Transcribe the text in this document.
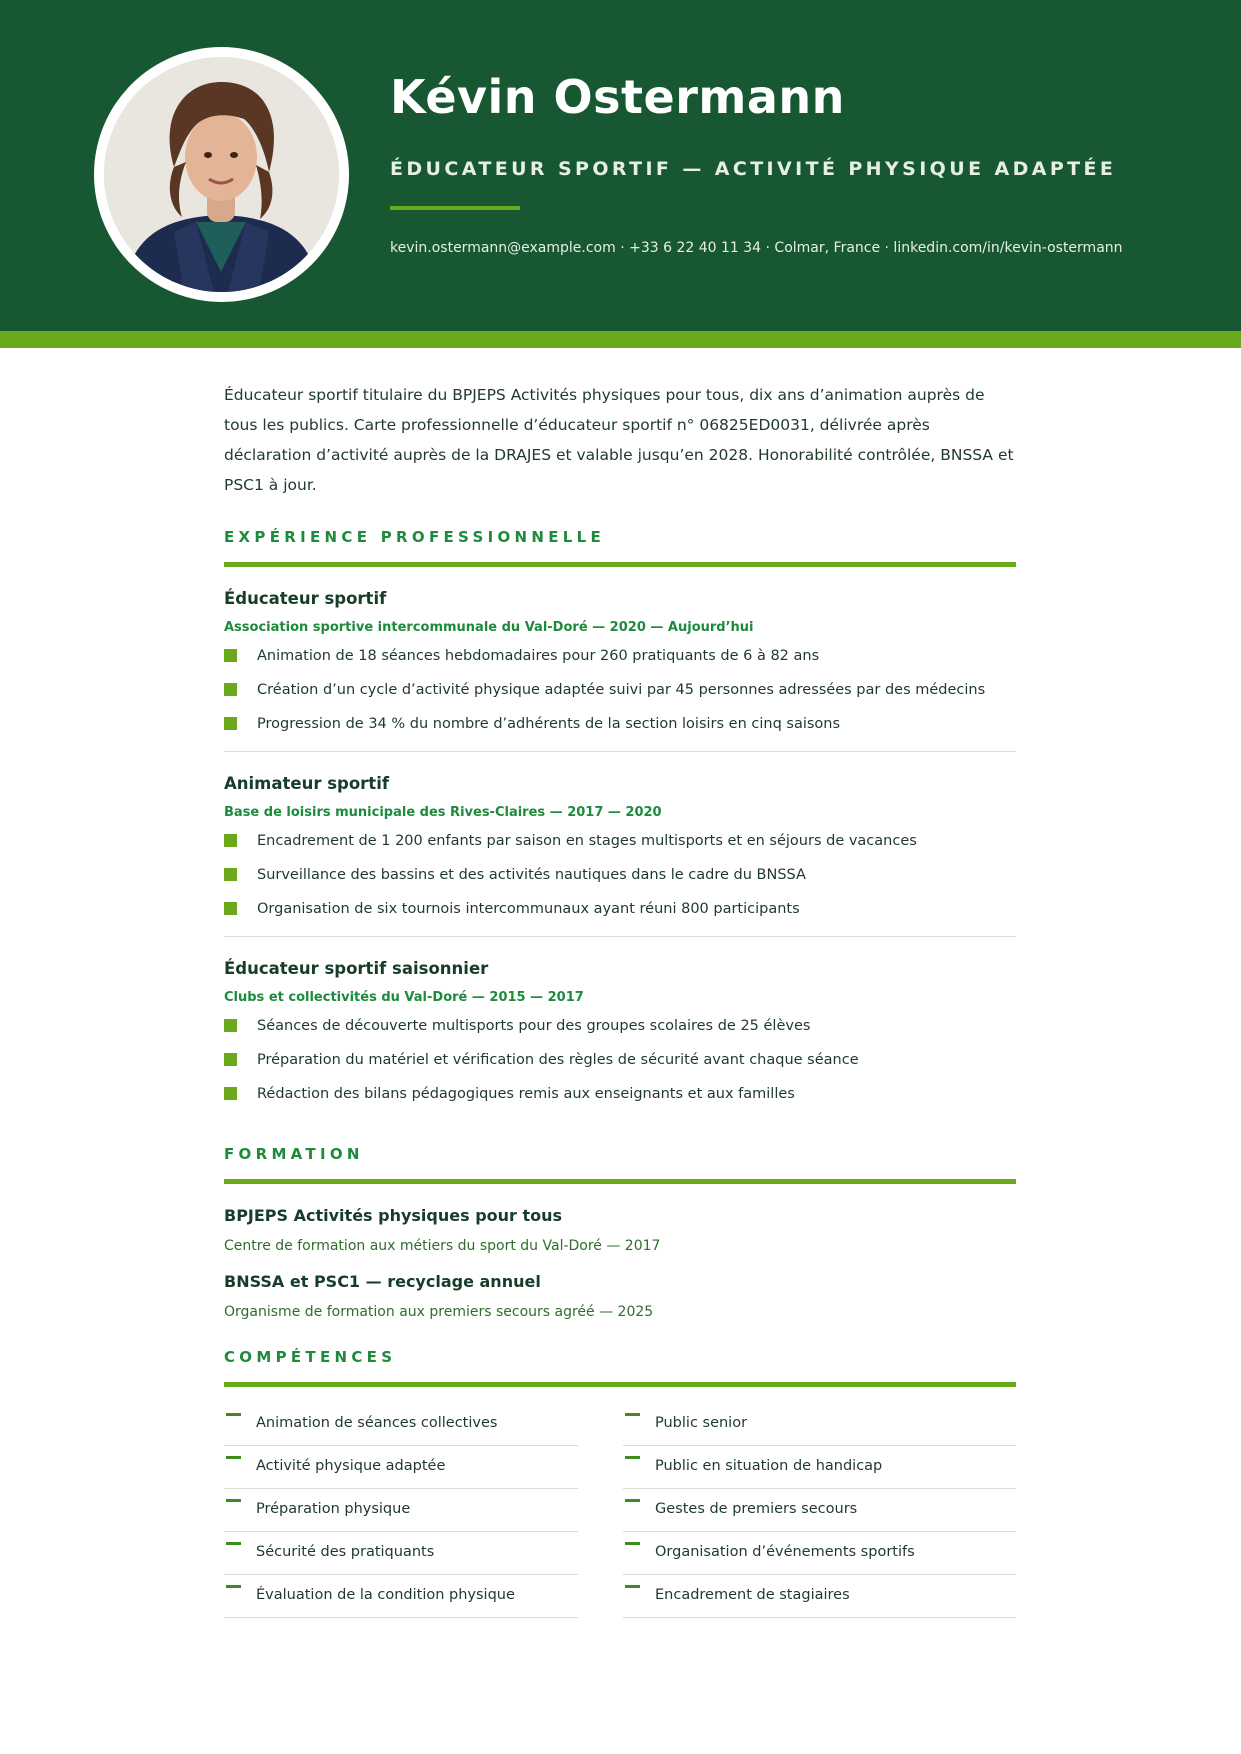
Kévin Ostermann
ÉDUCATEUR SPORTIF — ACTIVITÉ PHYSIQUE ADAPTÉE
kevin.ostermann@example.com · +33 6 22 40 11 34 · Colmar, France · linkedin.com/in/kevin-ostermann

Éducateur sportif titulaire du BPJEPS Activités physiques pour tous, dix ans d’animation auprès de tous les publics. Carte professionnelle d’éducateur sportif n° 06825ED0031, délivrée après déclaration d’activité auprès de la DRAJES et valable jusqu’en 2028. Honorabilité contrôlée, BNSSA et PSC1 à jour.

EXPÉRIENCE PROFESSIONNELLE
Éducateur sportif
Association sportive intercommunale du Val-Doré — 2020 — Aujourd’hui
Animation de 18 séances hebdomadaires pour 260 pratiquants de 6 à 82 ans
Création d’un cycle d’activité physique adaptée suivi par 45 personnes adressées par des médecins
Progression de 34 % du nombre d’adhérents de la section loisirs en cinq saisons
Animateur sportif
Base de loisirs municipale des Rives-Claires — 2017 — 2020
Encadrement de 1 200 enfants par saison en stages multisports et en séjours de vacances
Surveillance des bassins et des activités nautiques dans le cadre du BNSSA
Organisation de six tournois intercommunaux ayant réuni 800 participants
Éducateur sportif saisonnier
Clubs et collectivités du Val-Doré — 2015 — 2017
Séances de découverte multisports pour des groupes scolaires de 25 élèves
Préparation du matériel et vérification des règles de sécurité avant chaque séance
Rédaction des bilans pédagogiques remis aux enseignants et aux familles
FORMATION
BPJEPS Activités physiques pour tous
Centre de formation aux métiers du sport du Val-Doré — 2017
BNSSA et PSC1 — recyclage annuel
Organisme de formation aux premiers secours agréé — 2025
COMPÉTENCES
Animation de séances collectives
Activité physique adaptée
Préparation physique
Sécurité des pratiquants
Évaluation de la condition physique
Public senior
Public en situation de handicap
Gestes de premiers secours
Organisation d’événements sportifs
Encadrement de stagiaires
